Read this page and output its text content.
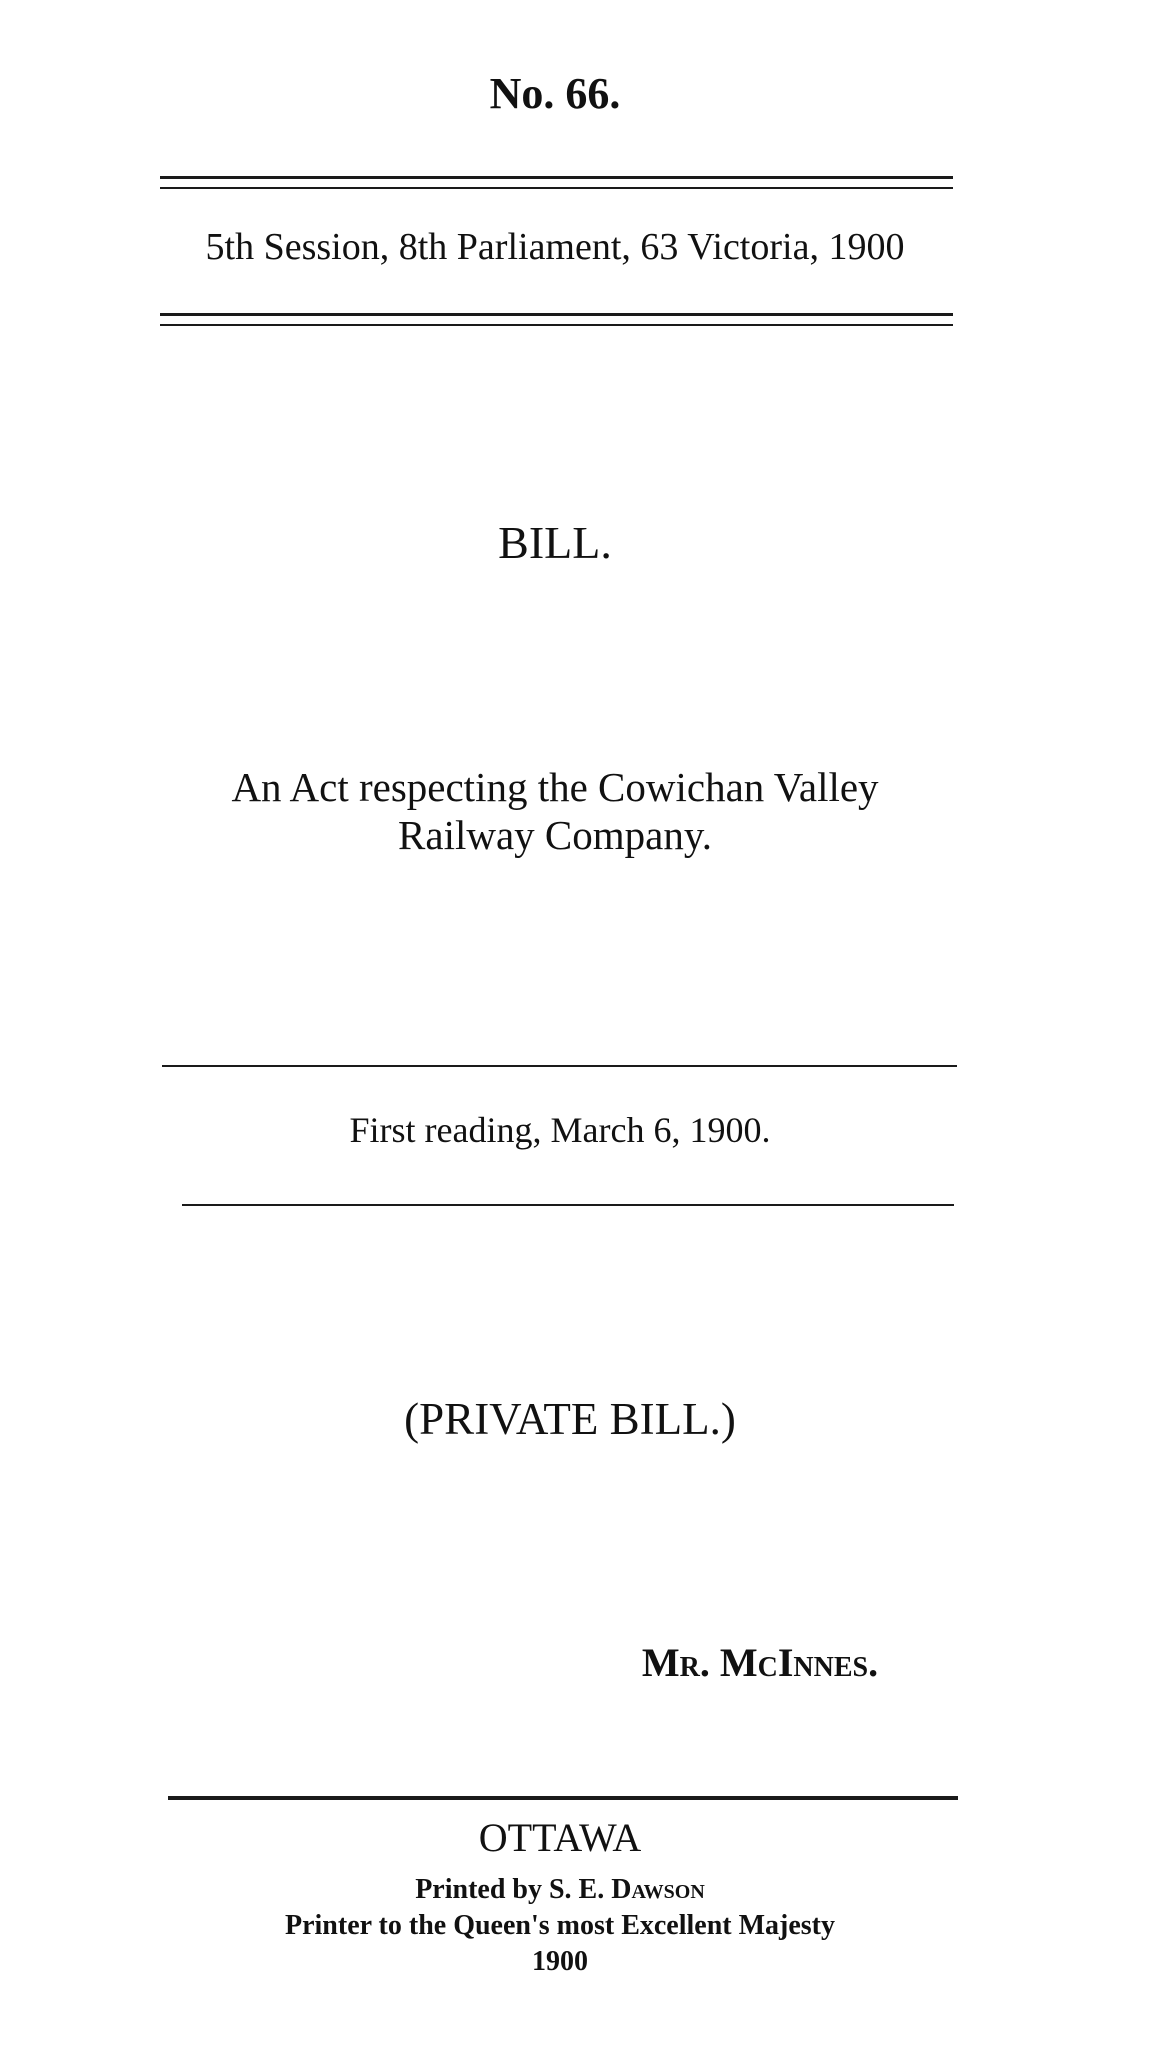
No. 66.
5th Session, 8th Parliament, 63 Victoria, 1900
BILL.
An Act respecting the Cowichan Valley
Railway Company.
First reading, March 6, 1900.
(PRIVATE BILL.)
Mr. McInnes.
OTTAWA
Printed by S. E. Dawson
Printer to the Queen's most Excellent Majesty
1900
